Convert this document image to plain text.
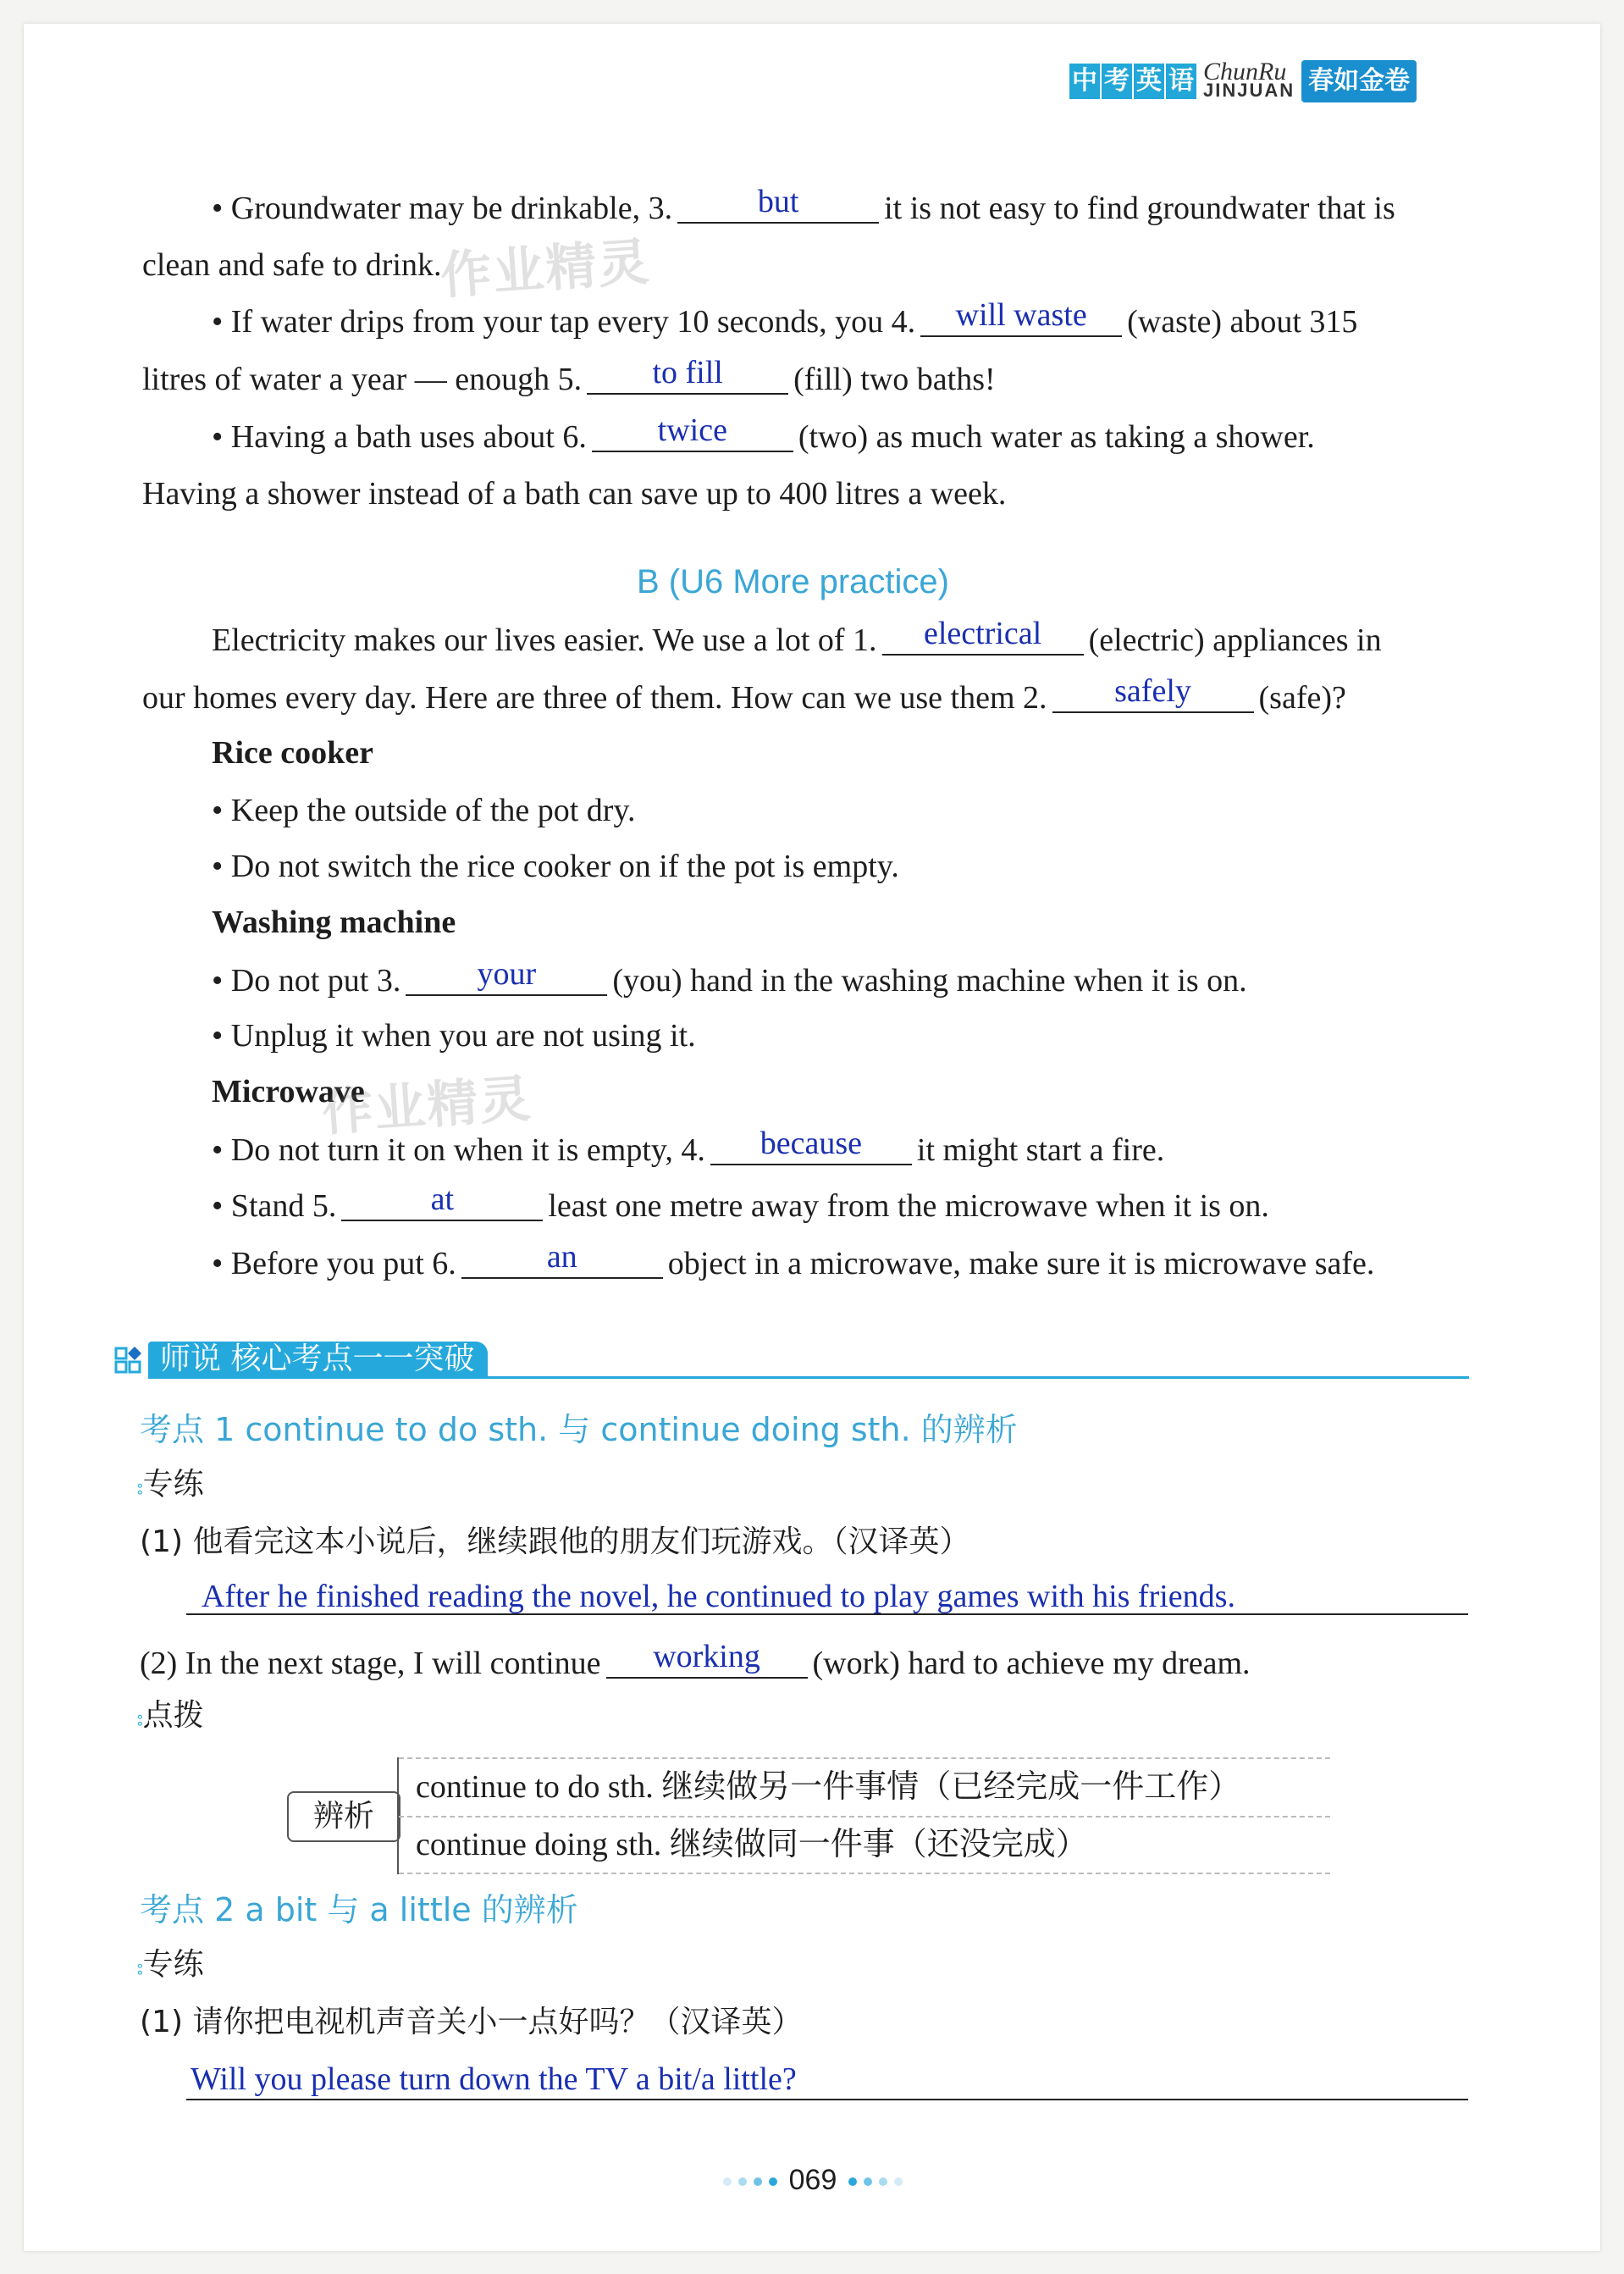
中 考 英 语 ChunRu
JINJUAN 春如金卷
• Groundwater may be drinkable, 3.	but	it is not easy to find groundwater that is
clean and safe to drink.
作业精灵
• If water drips from your tap every 10 seconds, you 4.	will waste	(waste) about 315
litres of water a year — enough 5.	to fill	(fill) two baths!
• Having a bath uses about 6.	twice	(two) as much water as taking a shower.
Having a shower instead of a bath can save up to 400 litres a week.
B (U6 More practice)
Electricity makes our lives easier. We use a lot of 1.	electrical	(electric) appliances in
our homes every day. Here are three of them. How can we use them 2.	safely	(safe)?
Rice cooker
• Keep the outside of the pot dry.
• Do not switch the rice cooker on if the pot is empty.
Washing machine
• Do not put 3.	your	(you) hand in the washing machine when it is on.
• Unplug it when you are not using it.
Microwave
作业精灵
• Do not turn it on when it is empty, 4.	because	it might start a fire.
• Stand 5.	at	least one metre away from the microwave when it is on.
• Before you put 6.	an	object in a microwave, make sure it is microwave safe.
师说 核心考点一一突破
考点 1 continue to do sth. 与 continue doing sth. 的辨析
⦂专练
(1) 他看完这本小说后，继续跟他的朋友们玩游戏。（汉译英）
After he finished reading the novel, he continued to play games with his friends.
(2) In the next stage, I will continue	working	(work) hard to achieve my dream.
⦂点拨
辨析
continue to do sth. 继续做另一件事情（已经完成一件工作）
continue doing sth. 继续做同一件事（还没完成）
考点 2 a bit 与 a little 的辨析
⦂专练
(1) 请你把电视机声音关小一点好吗？（汉译英）
Will you please turn down the TV a bit/a little?
069
